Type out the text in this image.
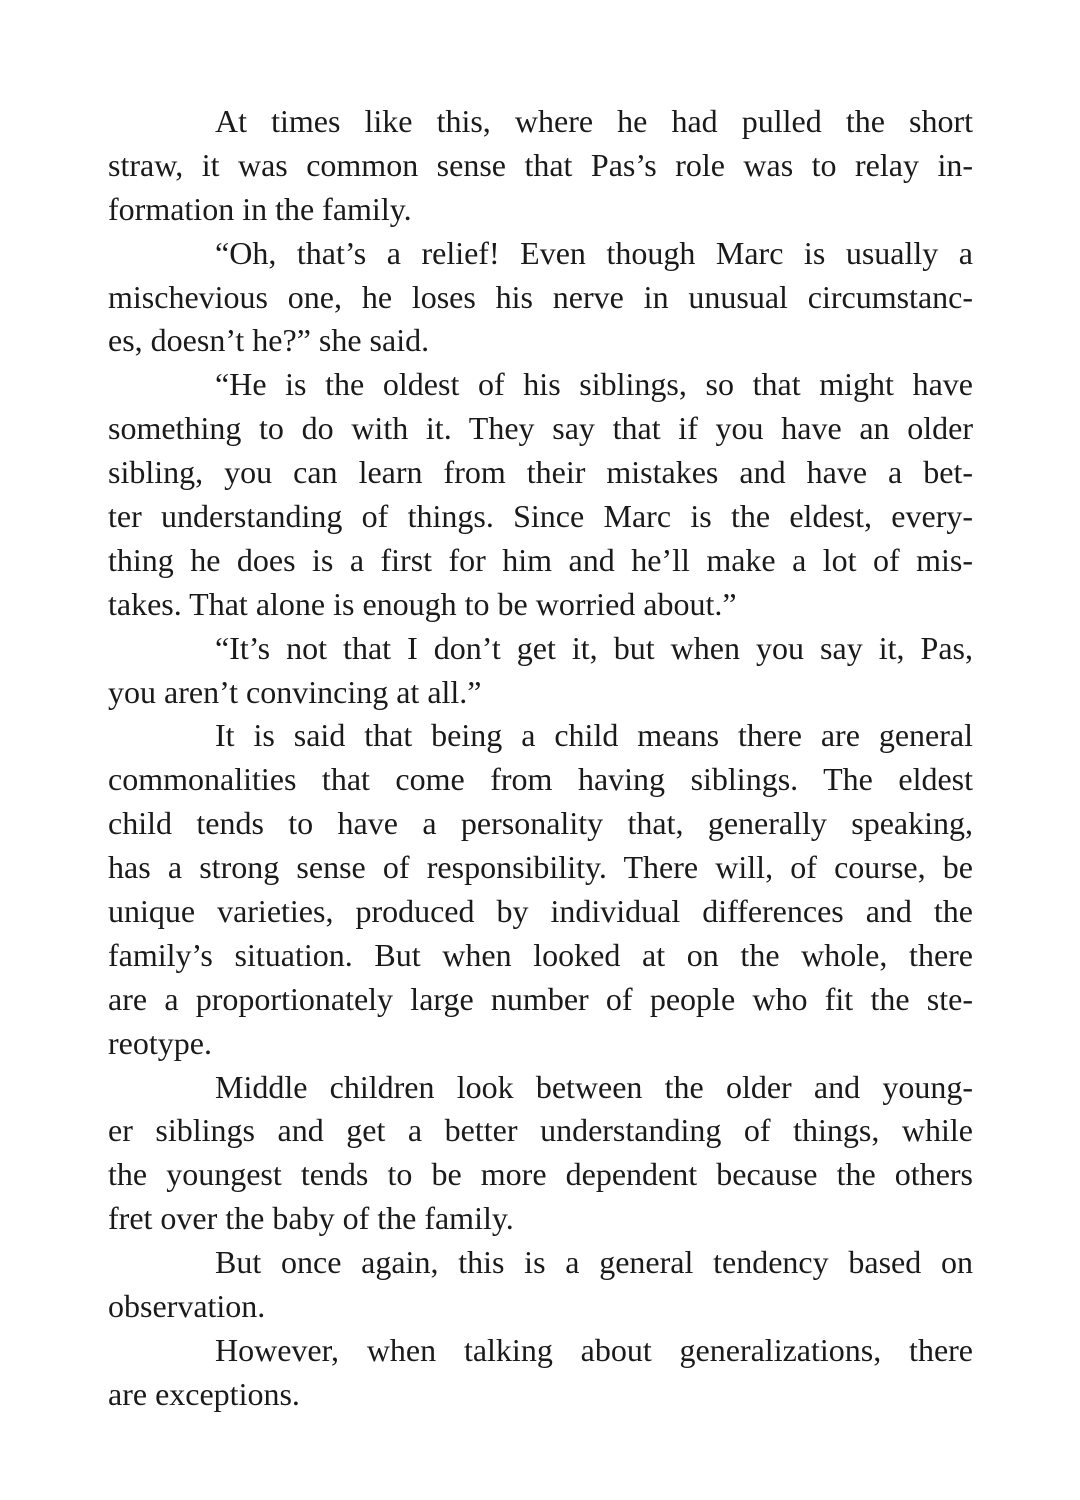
At times like this, where he had pulled the short
straw, it was common sense that Pas’s role was to relay in-
formation in the family.

“Oh, that’s a relief! Even though Marc is usually a
mischevious one, he loses his nerve in unusual circumstanc-
es, doesn’t he?” she said.

“He is the oldest of his siblings, so that might have
something to do with it. They say that if you have an older
sibling, you can learn from their mistakes and have a bet-
ter understanding of things. Since Marc is the eldest, every-
thing he does is a first for him and he’ll make a lot of mis-
takes. That alone is enough to be worried about.”

“It’s not that I don’t get it, but when you say it, Pas,
you aren’t convincing at all.”

It is said that being a child means there are general
commonalities that come from having siblings. The eldest
child tends to have a personality that, generally speaking,
has a strong sense of responsibility. There will, of course, be
unique varieties, produced by individual differences and the
family’s situation. But when looked at on the whole, there
are a proportionately large number of people who fit the ste-
reotype.

Middle children look between the older and young-
er siblings and get a better understanding of things, while
the youngest tends to be more dependent because the others
fret over the baby of the family.

But once again, this is a general tendency based on
observation.

However, when talking about generalizations, there
are exceptions.
